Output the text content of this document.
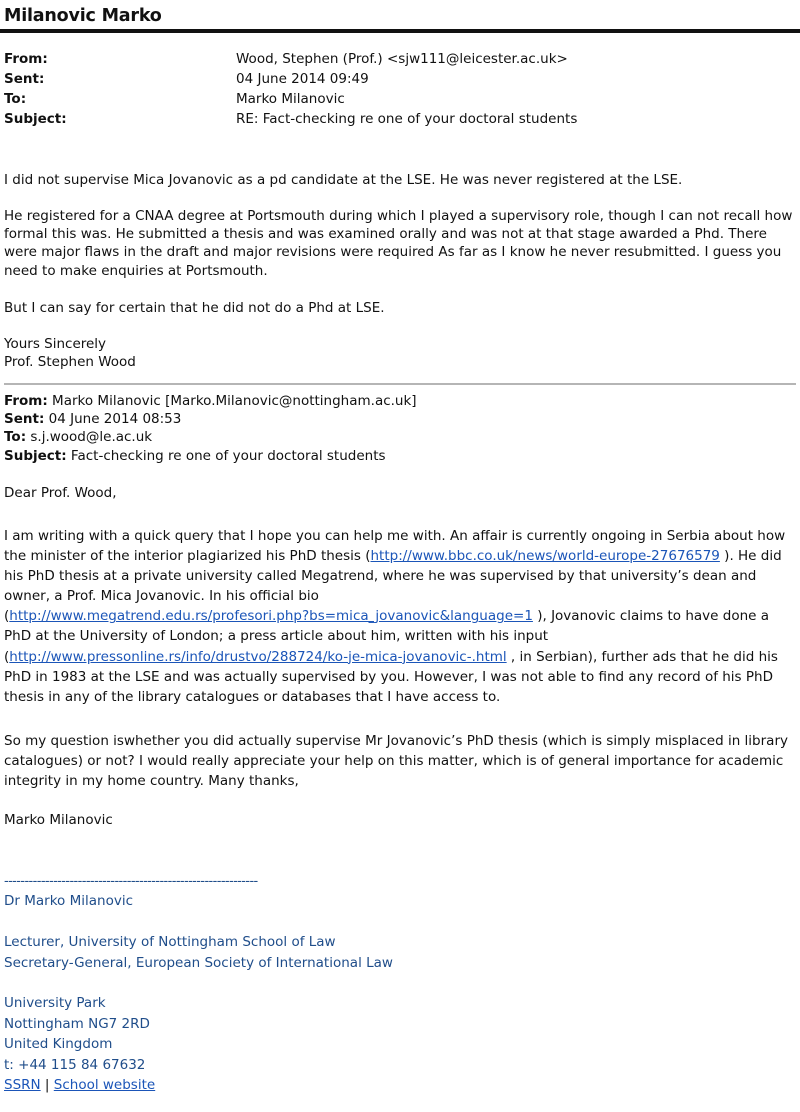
Milanovic Marko
From:	Wood, Stephen (Prof.) <sjw111@leicester.ac.uk>
Sent:	04 June 2014 09:49
To:	Marko Milanovic
Subject:	RE: Fact-checking re one of your doctoral students
I did not supervise Mica Jovanovic as a pd candidate at the LSE. He was never registered at the LSE.
He registered for a CNAA degree at Portsmouth during which I played a supervisory role, though I can not recall how
formal this was. He submitted a thesis and was examined orally and was not at that stage awarded a Phd. There
were major flaws in the draft and major revisions were required As far as I know he never resubmitted. I guess you
need to make enquiries at Portsmouth.
But I can say for certain that he did not do a Phd at LSE.
Yours Sincerely
Prof. Stephen Wood
From: Marko Milanovic [Marko.Milanovic@nottingham.ac.uk]
Sent: 04 June 2014 08:53
To: s.j.wood@le.ac.uk
Subject: Fact-checking re one of your doctoral students
Dear Prof. Wood,
I am writing with a quick query that I hope you can help me with. An affair is currently ongoing in Serbia about how
the minister of the interior plagiarized his PhD thesis (http://www.bbc.co.uk/news/world-europe-27676579 ). He did
his PhD thesis at a private university called Megatrend, where he was supervised by that university’s dean and
owner, a Prof. Mica Jovanovic. In his official bio
(http://www.megatrend.edu.rs/profesori.php?bs=mica_jovanovic&language=1 ), Jovanovic claims to have done a
PhD at the University of London; a press article about him, written with his input
(http://www.pressonline.rs/info/drustvo/288724/ko-je-mica-jovanovic-.html , in Serbian), further ads that he did his
PhD in 1983 at the LSE and was actually supervised by you. However, I was not able to find any record of his PhD
thesis in any of the library catalogues or databases that I have access to.
So my question iswhether you did actually supervise Mr Jovanovic’s PhD thesis (which is simply misplaced in library
catalogues) or not? I would really appreciate your help on this matter, which is of general importance for academic
integrity in my home country. Many thanks,
Marko Milanovic
--------------------------------------------------------------
Dr Marko Milanovic
Lecturer, University of Nottingham School of Law
Secretary-General, European Society of International Law
University Park
Nottingham NG7 2RD
United Kingdom
t: +44 115 84 67632
SSRN | School website
